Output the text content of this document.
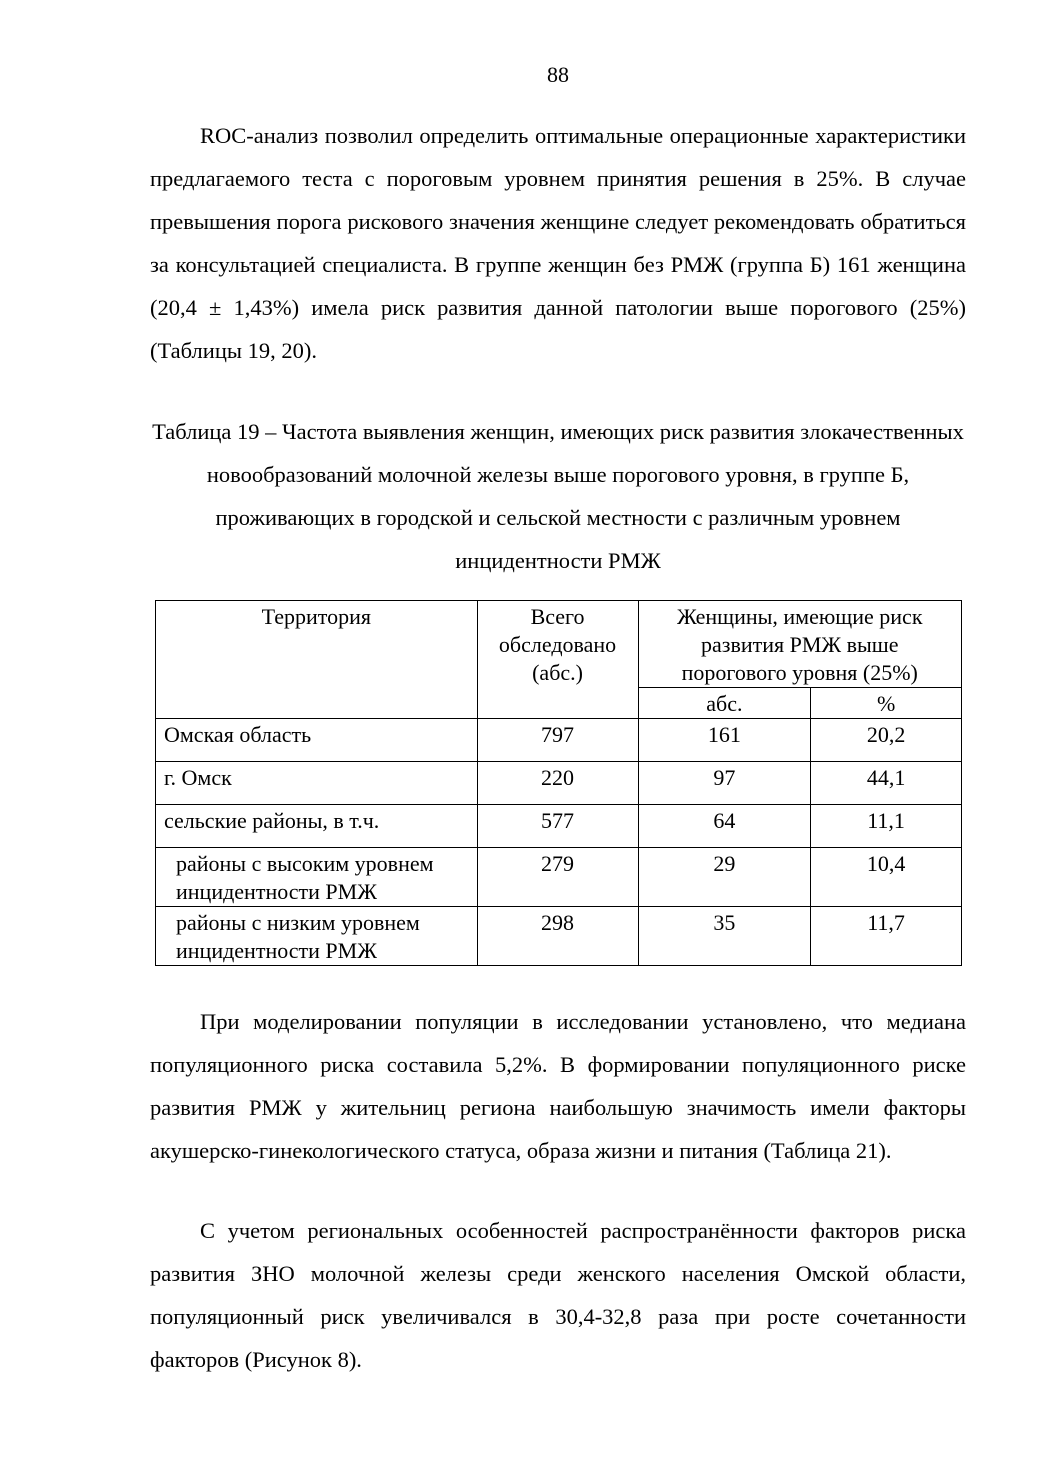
88

ROC-анализ позволил определить оптимальные операционные характеристики предлагаемого теста с пороговым уровнем принятия решения в 25%. В случае превышения порога рискового значения женщине следует рекомендовать обратиться за консультацией специалиста. В группе женщин без РМЖ (группа Б) 161 женщина (20,4 ± 1,43%) имела риск развития данной патологии выше порогового (25%) (Таблицы 19, 20).

Таблица 19 – Частота выявления женщин, имеющих риск развития злокачественных новообразований молочной железы выше порогового уровня, в группе Б, проживающих в городской и сельской местности с различным уровнем инцидентности РМЖ

Территория	Всего обследовано (абс.)	Женщины, имеющие риск развития РМЖ выше порогового уровня (25%)	
		абс.	%
Омская область	797	161	20,2
г. Омск	220	97	44,1
сельские районы, в т.ч.	577	64	11,1
районы с высоким уровнем инцидентности РМЖ	279	29	10,4
районы с низким уровнем инцидентности РМЖ	298	35	11,7

При моделировании популяции в исследовании установлено, что медиана популяционного риска составила 5,2%. В формировании популяционного риске развития РМЖ у жительниц региона наибольшую значимость имели факторы акушерско-гинекологического статуса, образа жизни и питания (Таблица 21).

С учетом региональных особенностей распространённости факторов риска развития ЗНО молочной железы среди женского населения Омской области, популяционный риск увеличивался в 30,4-32,8 раза при росте сочетанности факторов (Рисунок 8).
